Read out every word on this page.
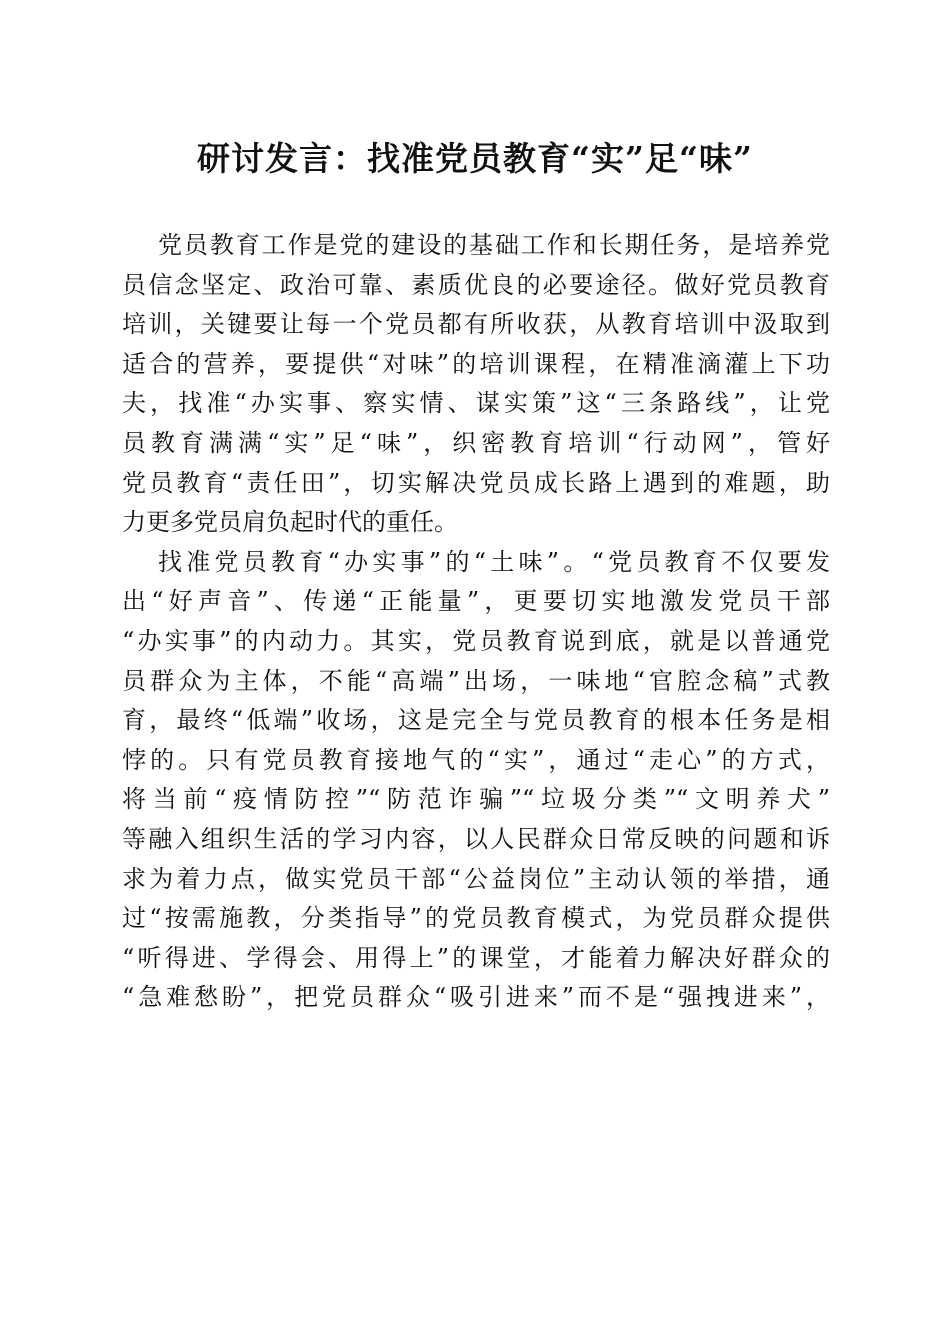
研讨发言：找准党员教育“实”足“味”
党员教育工作是党的建设的基础工作和长期任务，是培养党
员信念坚定、政治可靠、素质优良的必要途径。做好党员教育
培训，关键要让每一个党员都有所收获，从教育培训中汲取到
适合的营养，要提供“对味”的培训课程，在精准滴灌上下功
夫，找准“办实事、察实情、谋实策”这“三条路线”，让党
员教育满满“实”足“味”，织密教育培训“行动网”，管好
党员教育“责任田”，切实解决党员成长路上遇到的难题，助
力更多党员肩负起时代的重任。
找准党员教育“办实事”的“土味”。“党员教育不仅要发
出“好声音”、传递“正能量”，更要切实地激发党员干部
“办实事”的内动力。其实，党员教育说到底，就是以普通党
员群众为主体，不能“高端”出场，一味地“官腔念稿”式教
育，最终“低端”收场，这是完全与党员教育的根本任务是相
悖的。只有党员教育接地气的“实”，通过“走心”的方式，
将当前“疫情防控”“防范诈骗”“垃圾分类”“文明养犬”
等融入组织生活的学习内容，以人民群众日常反映的问题和诉
求为着力点，做实党员干部“公益岗位”主动认领的举措，通
过“按需施教，分类指导”的党员教育模式，为党员群众提供
“听得进、学得会、用得上”的课堂，才能着力解决好群众的
“急难愁盼”，把党员群众“吸引进来”而不是“强拽进来”，
